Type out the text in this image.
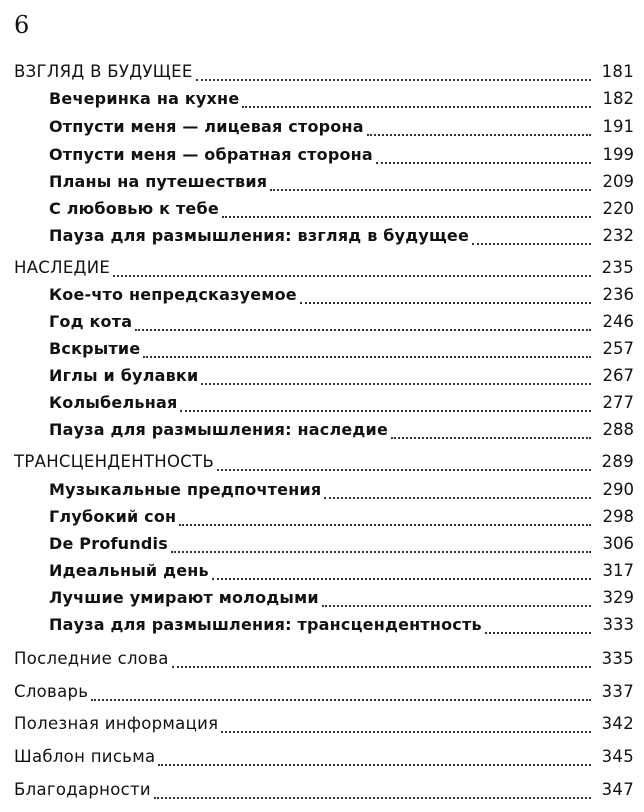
6
ВЗГЛЯД В БУДУЩЕЕ	181
Вечеринка на кухне	182
Отпусти меня — лицевая сторона	191
Отпусти меня — обратная сторона	199
Планы на путешествия	209
С любовью к тебе	220
Пауза для размышления: взгляд в будущее	232
НАСЛЕДИЕ	235
Кое-что непредсказуемое	236
Год кота	246
Вскрытие	257
Иглы и булавки	267
Колыбельная	277
Пауза для размышления: наследие	288
ТРАНСЦЕНДЕНТНОСТЬ	289
Музыкальные предпочтения	290
Глубокий сон	298
De Profundis	306
Идеальный день	317
Лучшие умирают молодыми	329
Пауза для размышления: трансцендентность	333
Последние слова	335
Словарь	337
Полезная информация	342
Шаблон письма	345
Благодарности	347
